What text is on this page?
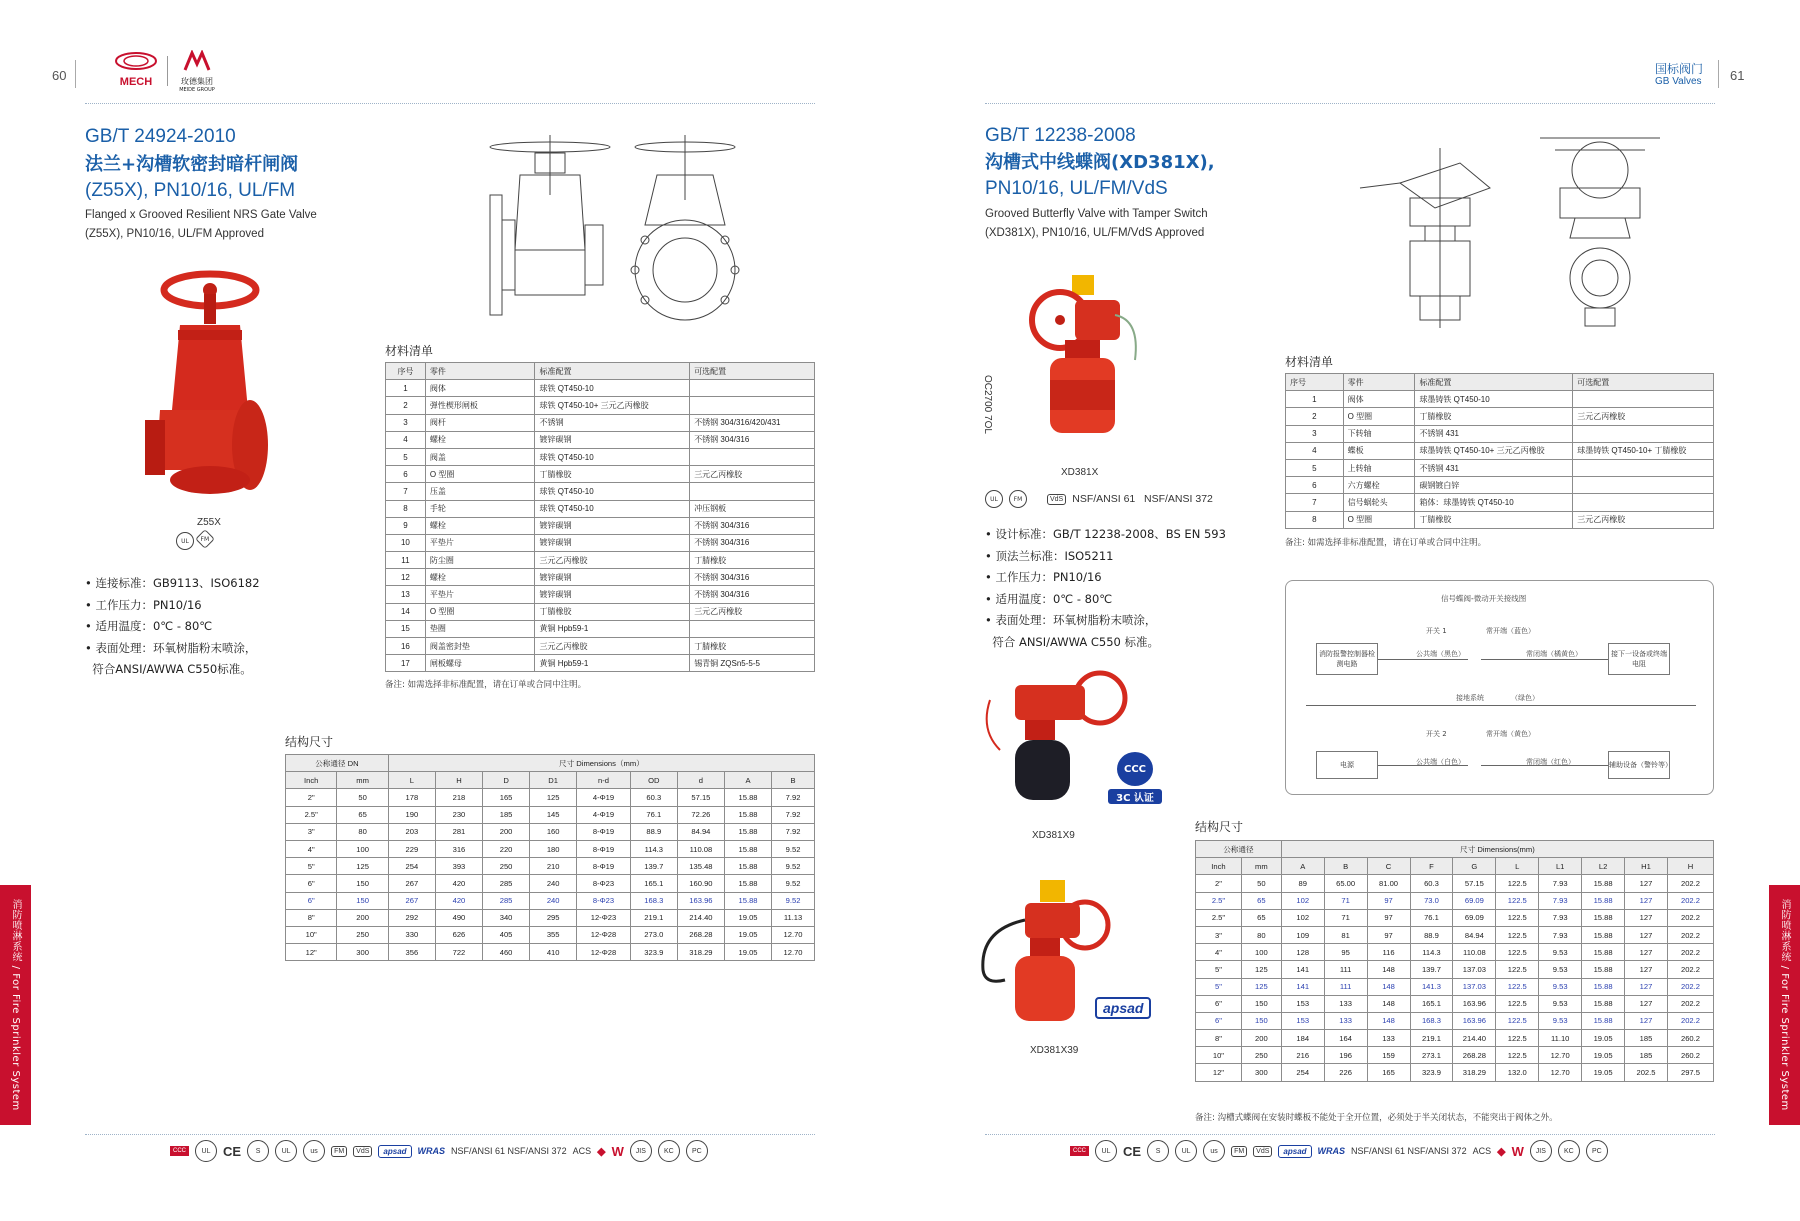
60	MECH	玫德集团
MEIDE GROUP
GB/T 24924-2010
法兰+沟槽软密封暗杆闸阀
(Z55X), PN10/16, UL/FM
Flanged x Grooved Resilient NRS Gate Valve
(Z55X), PN10/16, UL/FM Approved
Z55X
UL	FM
• 连接标准：GB9113、ISO6182
• 工作压力：PN10/16
• 适用温度：0℃ - 80℃
• 表面处理：环氧树脂粉末喷涂，
符合ANSI/AWWA C550标准。
材料清单
序号	零件	标准配置	可选配置
1	阀体	球铁 QT450-10	
2	弹性楔形闸板	球铁 QT450-10+ 三元乙丙橡胶	
3	阀杆	不锈钢	不锈钢 304/316/420/431
4	螺栓	镀锌碳钢	不锈钢 304/316
5	阀盖	球铁 QT450-10	
6	O 型圈	丁腈橡胶	三元乙丙橡胶
7	压盖	球铁 QT450-10	
8	手轮	球铁 QT450-10	冲压钢板
9	螺栓	镀锌碳钢	不锈钢 304/316
10	平垫片	镀锌碳钢	不锈钢 304/316
11	防尘圈	三元乙丙橡胶	丁腈橡胶
12	螺栓	镀锌碳钢	不锈钢 304/316
13	平垫片	镀锌碳钢	不锈钢 304/316
14	O 型圈	丁腈橡胶	三元乙丙橡胶
15	垫圈	黄铜 Hpb59-1	
16	阀盖密封垫	三元乙丙橡胶	丁腈橡胶
17	闸板螺母	黄铜 Hpb59-1	锡青铜 ZQSn5-5-5
备注: 如需选择非标准配置，请在订单或合同中注明。
结构尺寸
公称通径 DN		尺寸 Dimensions（mm）								
Inch	mm	L	H	D	D1	n-d	OD	d	A	B
2"	50	178	218	165	125	4-Φ19	60.3	57.15	15.88	7.92
2.5"	65	190	230	185	145	4-Φ19	76.1	72.26	15.88	7.92
3"	80	203	281	200	160	8-Φ19	88.9	84.94	15.88	7.92
4"	100	229	316	220	180	8-Φ19	114.3	110.08	15.88	9.52
5"	125	254	393	250	210	8-Φ19	139.7	135.48	15.88	9.52
6"	150	267	420	285	240	8-Φ23	165.1	160.90	15.88	9.52
6"	150	267	420	285	240	8-Φ23	168.3	163.96	15.88	9.52
8"	200	292	490	340	295	12-Φ23	219.1	214.40	19.05	11.13
10"	250	330	626	405	355	12-Φ28	273.0	268.28	19.05	12.70
12"	300	356	722	460	410	12-Φ28	323.9	318.29	19.05	12.70
CCC	UL CE	S	UL	us	FM	VdS	apsad	WRAS NSF/ANSI 61 NSF/ANSI 372 ACS ◆ W	JIS	KC	PC
消防喷淋系统 / For Fire Sprinkler System
国标阀门
GB Valves 61
GB/T 12238-2008
沟槽式中线蝶阀(XD381X),
PN10/16, UL/FM/VdS
Grooved Butterfly Valve with Tamper Switch
(XD381X), PN10/16, UL/FM/VdS Approved
OC2700 7OL
XD381X
UL	FM	VdS NSF/ANSI 61   NSF/ANSI 372
CCC
3C 认证
XD381X9
apsad
XD381X39
• 设计标准：GB/T 12238-2008、BS EN 593
• 顶法兰标准：ISO5211
• 工作压力：PN10/16
• 适用温度：0℃ - 80℃
• 表面处理：环氧树脂粉末喷涂，
符合 ANSI/AWWA C550 标准。
材料清单
序号	零件	标准配置	可选配置
1	阀体	球墨铸铁 QT450-10	
2	O 型圈	丁腈橡胶	三元乙丙橡胶
3	下转轴	不锈钢 431	
4	蝶板	球墨铸铁 QT450-10+ 三元乙丙橡胶	球墨铸铁 QT450-10+ 丁腈橡胶
5	上转轴	不锈钢 431	
6	六方螺栓	碳钢镀白锌	
7	信号蜗轮头	箱体：球墨铸铁 QT450-10	
8	O 型圈	丁腈橡胶	三元乙丙橡胶
备注: 如需选择非标准配置，请在订单或合同中注明。
信号蝶阀-微动开关接线图
开关 1	常开端（蓝色）
消防报警控制器检测电路
公共端（黑色）	常闭端（橘黄色）	接下一设备或终端电阻
接地系统	（绿色）
开关 2	常开端（黄色）
电源	公共端（白色）	常闭端（红色）	辅助设备（警铃等）
结构尺寸
公称通径		尺寸 Dimensions(mm)									
Inch	mm	A	B	C	F	G	L	L1	L2	H1	H
2"	50	89	65.00	81.00	60.3	57.15	122.5	7.93	15.88	127	202.2
2.5"	65	102	71	97	73.0	69.09	122.5	7.93	15.88	127	202.2
2.5"	65	102	71	97	76.1	69.09	122.5	7.93	15.88	127	202.2
3"	80	109	81	97	88.9	84.94	122.5	7.93	15.88	127	202.2
4"	100	128	95	116	114.3	110.08	122.5	9.53	15.88	127	202.2
5"	125	141	111	148	139.7	137.03	122.5	9.53	15.88	127	202.2
5"	125	141	111	148	141.3	137.03	122.5	9.53	15.88	127	202.2
6"	150	153	133	148	165.1	163.96	122.5	9.53	15.88	127	202.2
6"	150	153	133	148	168.3	163.96	122.5	9.53	15.88	127	202.2
8"	200	184	164	133	219.1	214.40	122.5	11.10	19.05	185	260.2
10"	250	216	196	159	273.1	268.28	122.5	12.70	19.05	185	260.2
12"	300	254	226	165	323.9	318.29	132.0	12.70	19.05	202.5	297.5
备注: 沟槽式蝶阀在安装时蝶板不能处于全开位置，必须处于半关闭状态，不能突出于阀体之外。
CCC	UL CE	S	UL	us	FM	VdS	apsad	WRAS NSF/ANSI 61 NSF/ANSI 372 ACS ◆ W	JIS	KC	PC
消防喷淋系统 / For Fire Sprinkler System
